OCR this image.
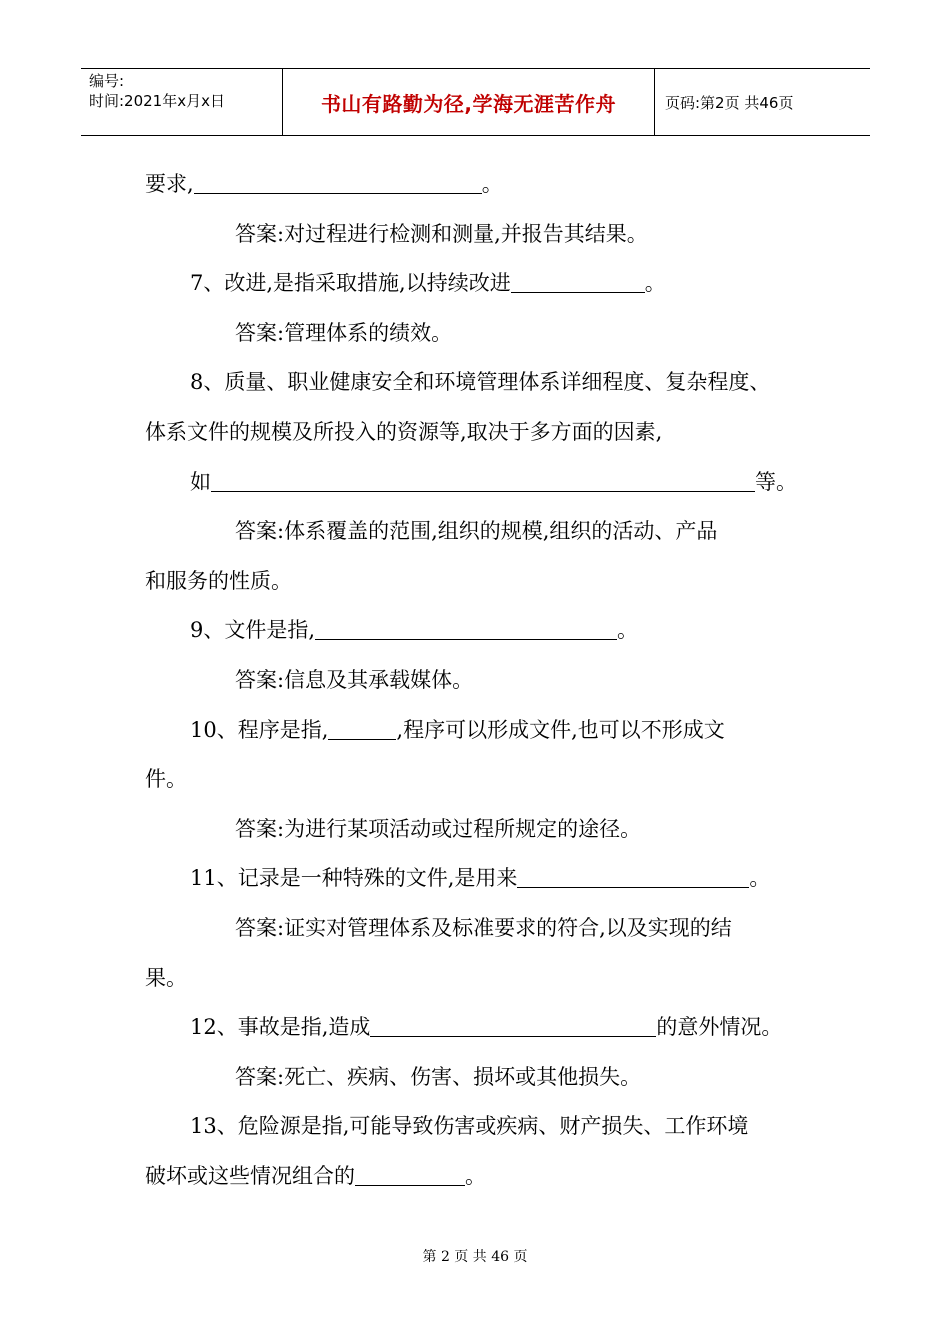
编号:
时间:2021年x月x日	书山有路勤为径,学海无涯苦作舟	页码:第2页 共46页
要求,	。
答案:对过程进行检测和测量,并报告其结果。
7、改进,是指采取措施,以持续改进	。
答案:管理体系的绩效。
8、质量、职业健康安全和环境管理体系详细程度、复杂程度、
体系文件的规模及所投入的资源等,取决于多方面的因素,
如	等。
答案:体系覆盖的范围,组织的规模,组织的活动、产品
和服务的性质。
9、文件是指,	。
答案:信息及其承载媒体。
10、程序是指,	,程序可以形成文件,也可以不形成文
件。
答案:为进行某项活动或过程所规定的途径。
11、记录是一种特殊的文件,是用来	。
答案:证实对管理体系及标准要求的符合,以及实现的结
果。
12、事故是指,造成	的意外情况。
答案:死亡、疾病、伤害、损坏或其他损失。
13、危险源是指,可能导致伤害或疾病、财产损失、工作环境
破坏或这些情况组合的	。
第 2 页 共 46 页
